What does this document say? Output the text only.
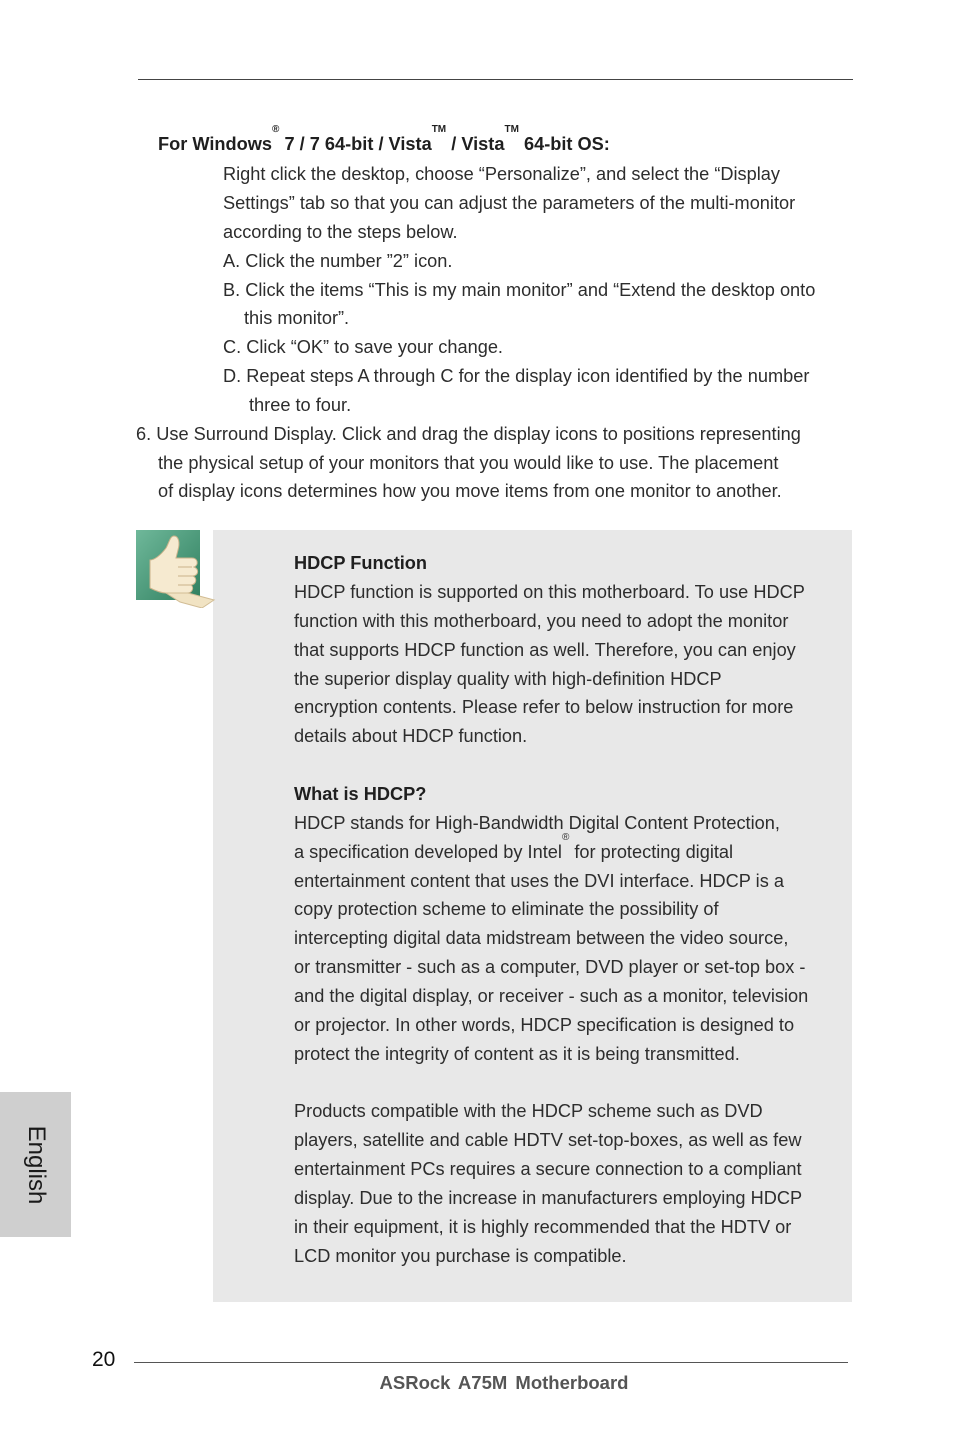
For Windows® 7 / 7 64-bit / Vista™ / Vista™ 64-bit OS:
Right click the desktop, choose “Personalize”, and select the “Display
Settings” tab so that you can adjust the parameters of the multi-monitor
according to the steps below.
A. Click the number ”2” icon.
B. Click the items “This is my main monitor” and “Extend the desktop onto
this monitor”.
C. Click “OK” to save your change.
D. Repeat steps A through C for the display icon identified by the number
three to four.
6. Use Surround Display. Click and drag the display icons to positions representing
the physical setup of your monitors that you would like to use. The placement
of display icons determines how you move items from one monitor to another.
HDCP Function
HDCP function is supported on this motherboard. To use HDCP
function with this motherboard, you need to adopt the monitor
that supports HDCP function as well. Therefore, you can enjoy
the superior display quality with high-definition HDCP
encryption contents. Please refer to below instruction for more
details about HDCP function.
What is HDCP?
HDCP stands for High-Bandwidth Digital Content Protection,
a specification developed by Intel® for protecting digital
entertainment content that uses the DVI interface. HDCP is a
copy protection scheme to eliminate the possibility of
intercepting digital data midstream between the video source,
or transmitter - such as a computer, DVD player or set-top box -
and the digital display, or receiver - such as a monitor, television
or projector. In other words, HDCP specification is designed to
protect the integrity of content as it is being transmitted.
Products compatible with the HDCP scheme such as DVD
players, satellite and cable HDTV set-top-boxes, as well as few
entertainment PCs requires a secure connection to a compliant
display. Due to the increase in manufacturers employing HDCP
in their equipment, it is highly recommended that the HDTV or
LCD monitor you purchase is compatible.
English
20
ASRock A75M Motherboard
